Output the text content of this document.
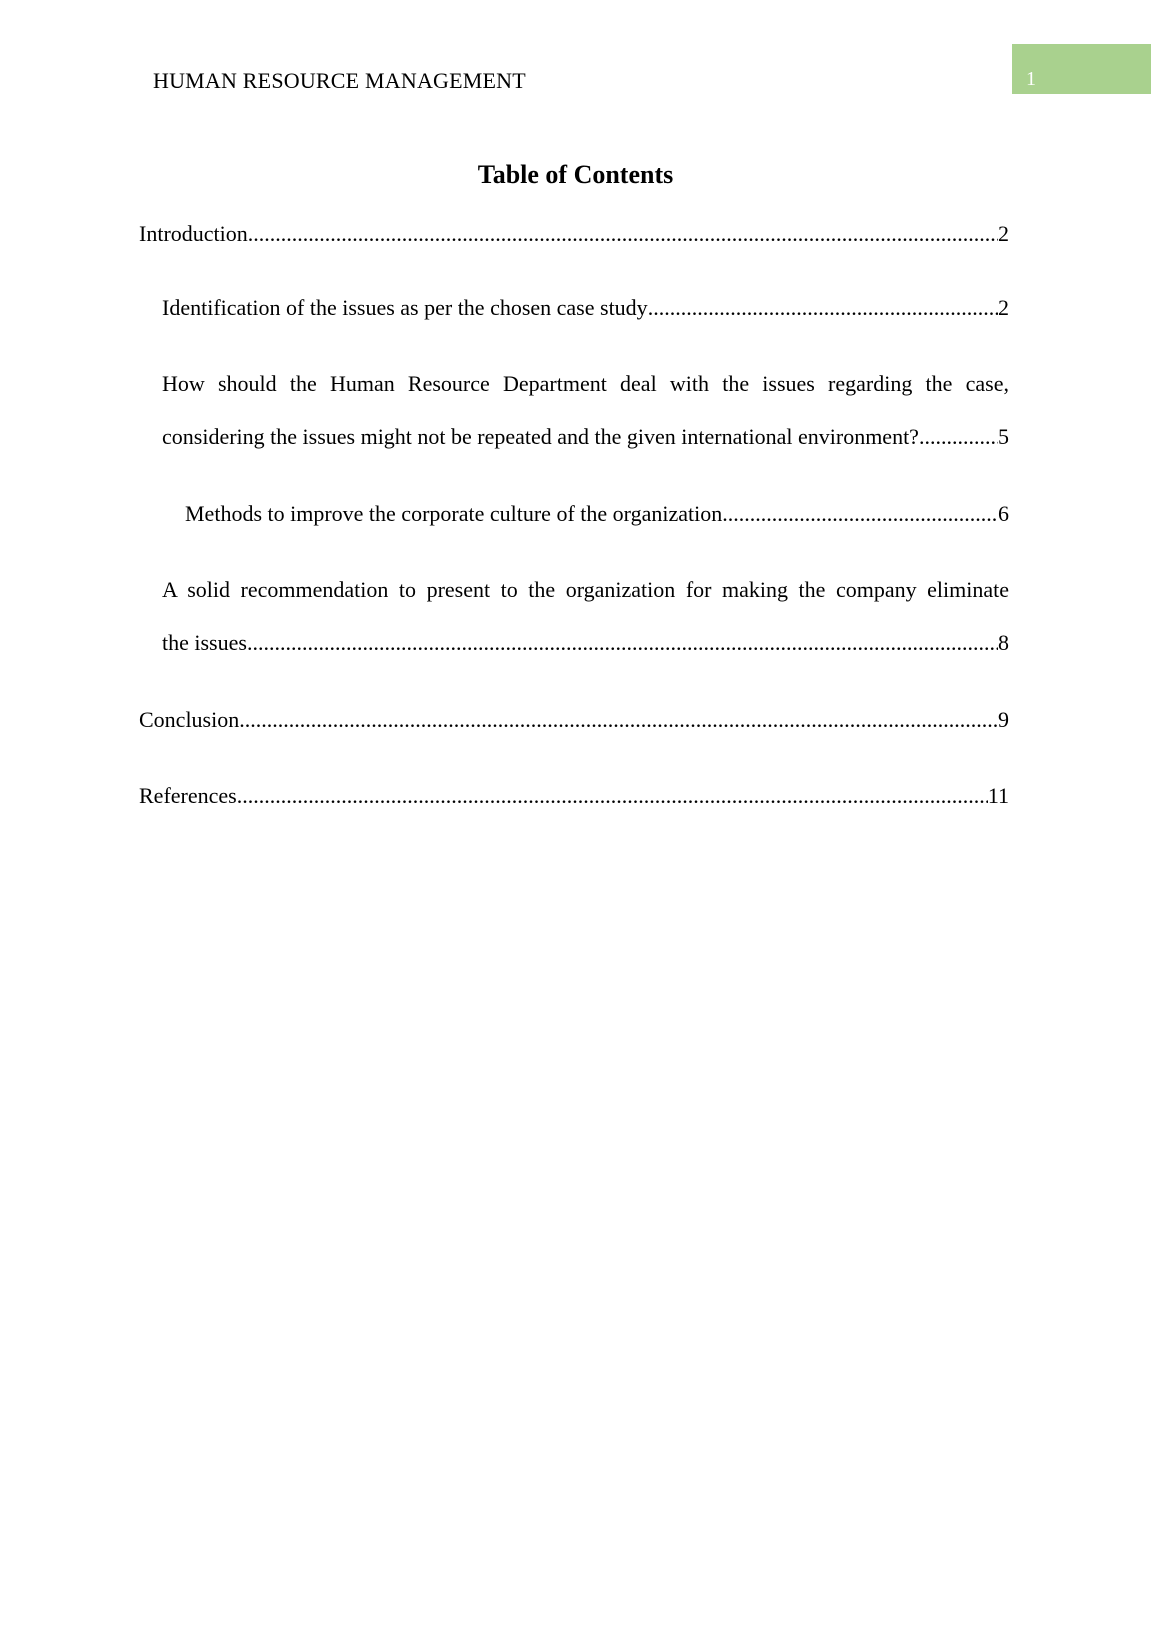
HUMAN RESOURCE MANAGEMENT	1
Table of Contents
Introduction .....	2
Identification of the issues as per the chosen case study .....	2
How should the Human Resource Department deal with the issues regarding the case,
considering the issues might not be repeated and the given international environment? .....	5
Methods to improve the corporate culture of the organization .....	6
A solid recommendation to present to the organization for making the company eliminate
the issues .....	8
Conclusion .....	9
References .....	11
